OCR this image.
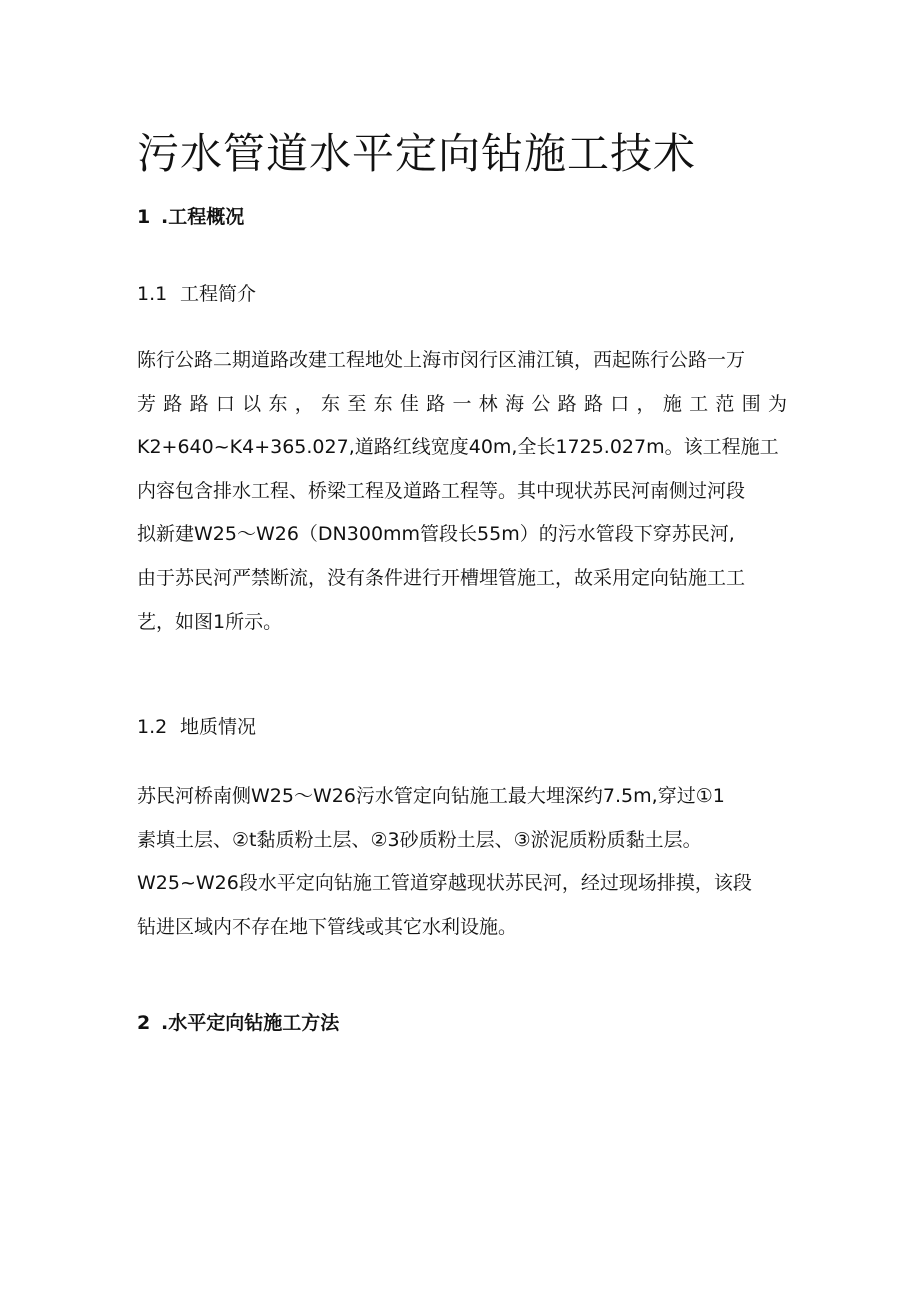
污水管道水平定向钻施工技术
1 .工程概况
1.1 工程简介
陈行公路二期道路改建工程地处上海市闵行区浦江镇，西起陈行公路一万
芳路路口以东，东至东佳路一林海公路路口，施工范围为
K2+640~K4+365.027,道路红线宽度40m,全长1725.027m。该工程施工
内容包含排水工程、桥梁工程及道路工程等。其中现状苏民河南侧过河段
拟新建W25～W26（DN300mm管段长55m）的污水管段下穿苏民河,
由于苏民河严禁断流，没有条件进行开槽埋管施工，故采用定向钻施工工
艺，如图1所示。
1.2 地质情况
苏民河桥南侧W25～W26污水管定向钻施工最大埋深约7.5m,穿过①1
素填土层、②t黏质粉土层、②3砂质粉土层、③淤泥质粉质黏土层。
W25~W26段水平定向钻施工管道穿越现状苏民河，经过现场排摸，该段
钻进区域内不存在地下管线或其它水利设施。
2 .水平定向钻施工方法
